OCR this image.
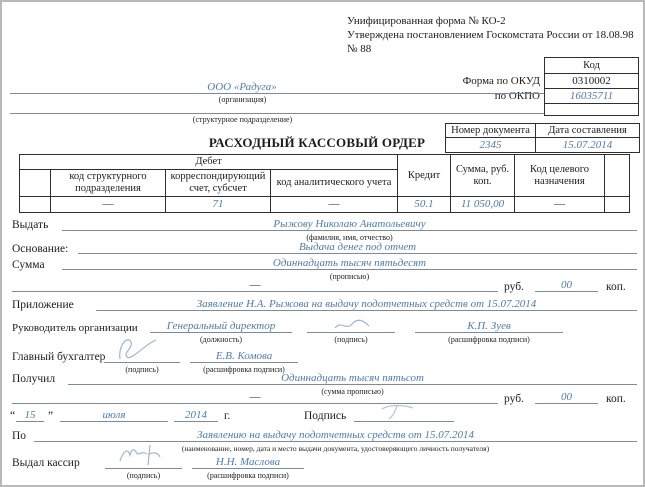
Унифицированная форма № КО-2
Утверждена постановлением Госкомстата России от 18.08.98
№ 88
Код
0310002
16035711

Форма по ОКУД
по ОКПО
ООО «Радуга»
(организация)
(структурное подразделение)
Номер документа	Дата составления
2345	15.07.2014
РАСХОДНЫЙ КАССОВЫЙ ОРДЕР
Дебет				Кредит	Сумма, руб. коп.	Код целевого назначения	
	код структурного подразделения	корреспондирующий счет, субсчет	код аналитического учета				
	—	71	—	50.1	11 050,00	—	
Выдать	Рыжову Николаю Анатольевичу
(фамилия, имя, отчество)
Основание:	Выдача денег под отчет
Сумма	Одиннадцать тысяч пятьдесят
(прописью)
—	руб.	00	коп.
Приложение	Заявление Н.А. Рыжова на выдачу подотчетных средств от 15.07.2014
Руководитель организации	Генеральный директор
(должность)	(подпись)
К.П. Зуев
(расшифровка подписи)
Главный бухгалтер
(подпись)
Е.В. Комова
(расшифровка подписи)
Получил	Одиннадцать тысяч пятьсот
(сумма прописью)
—	руб.	00	коп.
“ 15 ”	июля	2014 г.	Подпись
По	Заявлению на выдачу подотчетных средств от 15.07.2014
(наименование, номер, дата и место выдачи документа, удостоверяющего личность получателя)
Выдал кассир
(подпись)
Н.Н. Маслова
(расшифровка подписи)
